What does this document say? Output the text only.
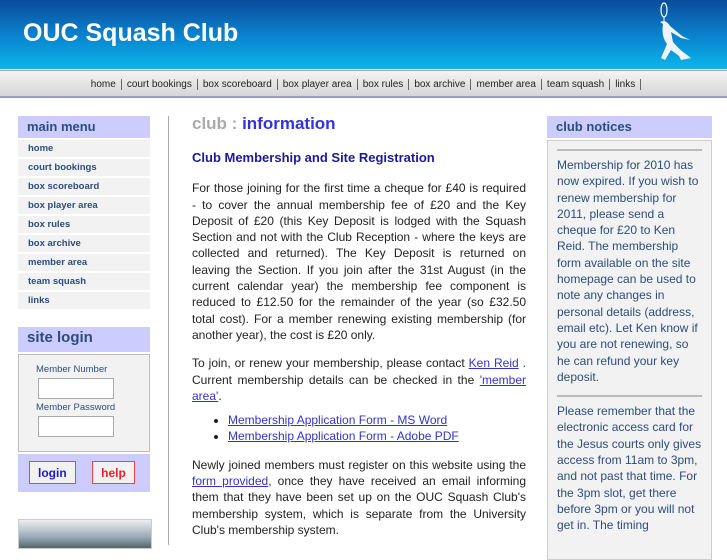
OUC Squash Club
home court bookings box scoreboard box player area box rules box archive member area team squash links
main menu
home
court bookings
box scoreboard
box player area
box rules
box archive
member area
team squash
links
site login
Member Number
Member Password
login	help
club : information
Club Membership and Site Registration

For those joining for the first time a cheque for £40 is required - to cover the annual membership fee of £20 and the Key Deposit of £20 (this Key Deposit is lodged with the Squash Section and not with the Club Reception - where the keys are collected and returned). The Key Deposit is returned on leaving the Section. If you join after the 31st August (in the current calendar year) the membership fee component is reduced to £12.50 for the remainder of the year (so £32.50 total cost). For a member renewing existing membership (for another year), the cost is £20 only.

To join, or renew your membership, please contact Ken Reid . Current membership details can be checked in the 'member area'.

• Membership Application Form - MS Word
• Membership Application Form - Adobe PDF

Newly joined members must register on this website using the form provided, once they have received an email informing them that they have been set up on the OUC Squash Club's membership system, which is separate from the University Club's membership system.

club notices

Membership for 2010 has now expired. If you wish to renew membership for 2011, please send a cheque for £20 to Ken Reid. The membership form available on the site homepage can be used to note any changes in personal details (address, email etc). Let Ken know if you are not renewing, so he can refund your key deposit.

Please remember that the electronic access card for the Jesus courts only gives access from 11am to 3pm, and not past that time. For the 3pm slot, get there before 3pm or you will not get in. The timing
